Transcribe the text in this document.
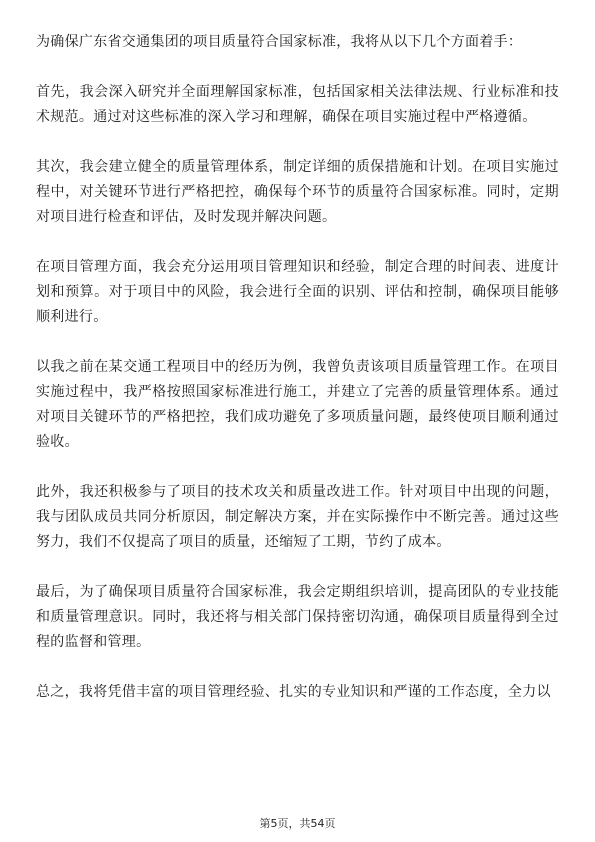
为确保广东省交通集团的项目质量符合国家标准，我将从以下几个方面着手：

首先，我会深入研究并全面理解国家标准，包括国家相关法律法规、行业标准和技术规范。通过对这些标准的深入学习和理解，确保在项目实施过程中严格遵循。

其次，我会建立健全的质量管理体系，制定详细的质保措施和计划。在项目实施过程中，对关键环节进行严格把控，确保每个环节的质量符合国家标准。同时，定期对项目进行检查和评估，及时发现并解决问题。

在项目管理方面，我会充分运用项目管理知识和经验，制定合理的时间表、进度计划和预算。对于项目中的风险，我会进行全面的识别、评估和控制，确保项目能够顺利进行。

以我之前在某交通工程项目中的经历为例，我曾负责该项目质量管理工作。在项目实施过程中，我严格按照国家标准进行施工，并建立了完善的质量管理体系。通过对项目关键环节的严格把控，我们成功避免了多项质量问题，最终使项目顺利通过验收。

此外，我还积极参与了项目的技术攻关和质量改进工作。针对项目中出现的问题，我与团队成员共同分析原因，制定解决方案，并在实际操作中不断完善。通过这些努力，我们不仅提高了项目的质量，还缩短了工期，节约了成本。

最后，为了确保项目质量符合国家标准，我会定期组织培训，提高团队的专业技能和质量管理意识。同时，我还将与相关部门保持密切沟通，确保项目质量得到全过程的监督和管理。

总之，我将凭借丰富的项目管理经验、扎实的专业知识和严谨的工作态度，全力以

第5页，共54页
